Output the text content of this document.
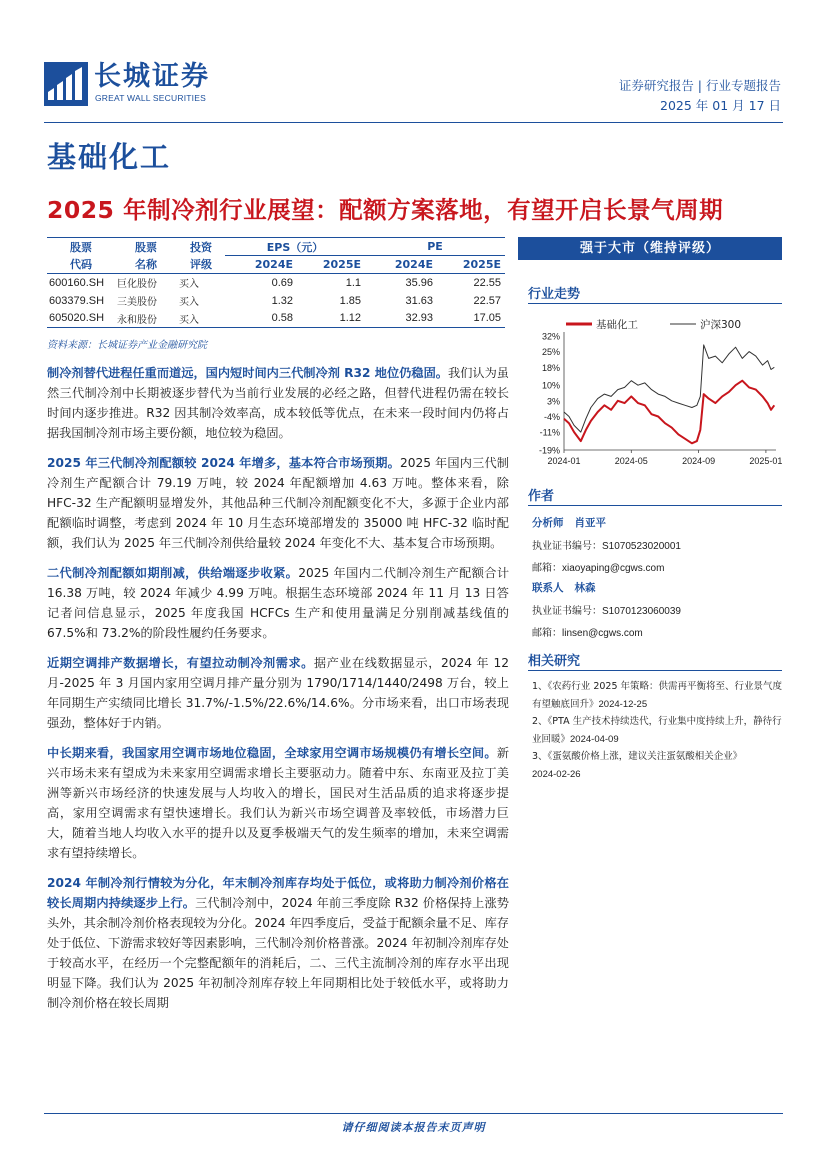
长城证券
GREAT WALL SECURITIES
证券研究报告 | 行业专题报告
2025 年 01 月 17 日
基础化工
2025 年制冷剂行业展望：配额方案落地，有望开启长景气周期
股票	股票	投资	EPS（元）		PE	
代码	名称	评级	2024E	2025E	2024E	2025E
600160.SH	巨化股份	买入	0.69	1.1	35.96	22.55
603379.SH	三美股份	买入	1.32	1.85	31.63	22.57
605020.SH	永和股份	买入	0.58	1.12	32.93	17.05
资料来源：长城证券产业金融研究院

制冷剂替代进程任重而道远，国内短时间内三代制冷剂 R32 地位仍稳固。我们认为虽然三代制冷剂中长期被逐步替代为当前行业发展的必经之路，但替代进程仍需在较长时间内逐步推进。R32 因其制冷效率高，成本较低等优点，在未来一段时间内仍将占据我国制冷剂市场主要份额，地位较为稳固。

2025 年三代制冷剂配额较 2024 年增多，基本符合市场预期。2025 年国内三代制冷剂生产配额合计 79.19 万吨，较 2024 年配额增加 4.63 万吨。整体来看，除 HFC-32 生产配额明显增发外，其他品种三代制冷剂配额变化不大，多源于企业内部配额临时调整，考虑到 2024 年 10 月生态环境部增发的 35000 吨 HFC-32 临时配额，我们认为 2025 年三代制冷剂供给量较 2024 年变化不大、基本复合市场预期。

二代制冷剂配额如期削减，供给端逐步收紧。2025 年国内二代制冷剂生产配额合计 16.38 万吨，较 2024 年减少 4.99 万吨。根据生态环境部 2024 年 11 月 13 日答记者问信息显示，2025 年度我国 HCFCs 生产和使用量满足分别削减基线值的 67.5%和 73.2%的阶段性履约任务要求。

近期空调排产数据增长，有望拉动制冷剂需求。据产业在线数据显示，2024 年 12 月-2025 年 3 月国内家用空调月排产量分别为 1790/1714/1440/2498 万台，较上年同期生产实绩同比增长 31.7%/-1.5%/22.6%/14.6%。分市场来看，出口市场表现强劲，整体好于内销。

中长期来看，我国家用空调市场地位稳固，全球家用空调市场规模仍有增长空间。新兴市场未来有望成为未来家用空调需求增长主要驱动力。随着中东、东南亚及拉丁美洲等新兴市场经济的快速发展与人均收入的增长，国民对生活品质的追求将逐步提高，家用空调需求有望快速增长。我们认为新兴市场空调普及率较低，市场潜力巨大，随着当地人均收入水平的提升以及夏季极端天气的发生频率的增加，未来空调需求有望持续增长。

2024 年制冷剂行情较为分化，年末制冷剂库存均处于低位，或将助力制冷剂价格在较长周期内持续逐步上行。三代制冷剂中，2024 年前三季度除 R32 价格保持上涨势头外，其余制冷剂价格表现较为分化。2024 年四季度后，受益于配额余量不足、库存处于低位、下游需求较好等因素影响，三代制冷剂价格普涨。2024 年初制冷剂库存处于较高水平，在经历一个完整配额年的消耗后，二、三代主流制冷剂的库存水平出现明显下降。我们认为 2025 年初制冷剂库存较上年同期相比处于较低水平，或将助力制冷剂价格在较长周期

强于大市（维持评级）
行业走势
基础化工	沪深300
32%
25%
18%
10%
3%
-4%
-11%
-19%
2024-01	2024-05	2024-09	2025-01
作者
分析师 肖亚平
执业证书编号：S1070523020001
邮箱：xiaoyaping@cgws.com
联系人 林森
执业证书编号：S1070123060039
邮箱：linsen@cgws.com
相关研究
1、《农药行业 2025 年策略：供需再平衡将至、行业景气度有望触底回升》2024-12-25
2、《PTA 生产技术持续迭代，行业集中度持续上升，静待行业回暖》2024-04-09
3、《蛋氨酸价格上涨，建议关注蛋氨酸相关企业》
2024-02-26
请仔细阅读本报告末页声明
